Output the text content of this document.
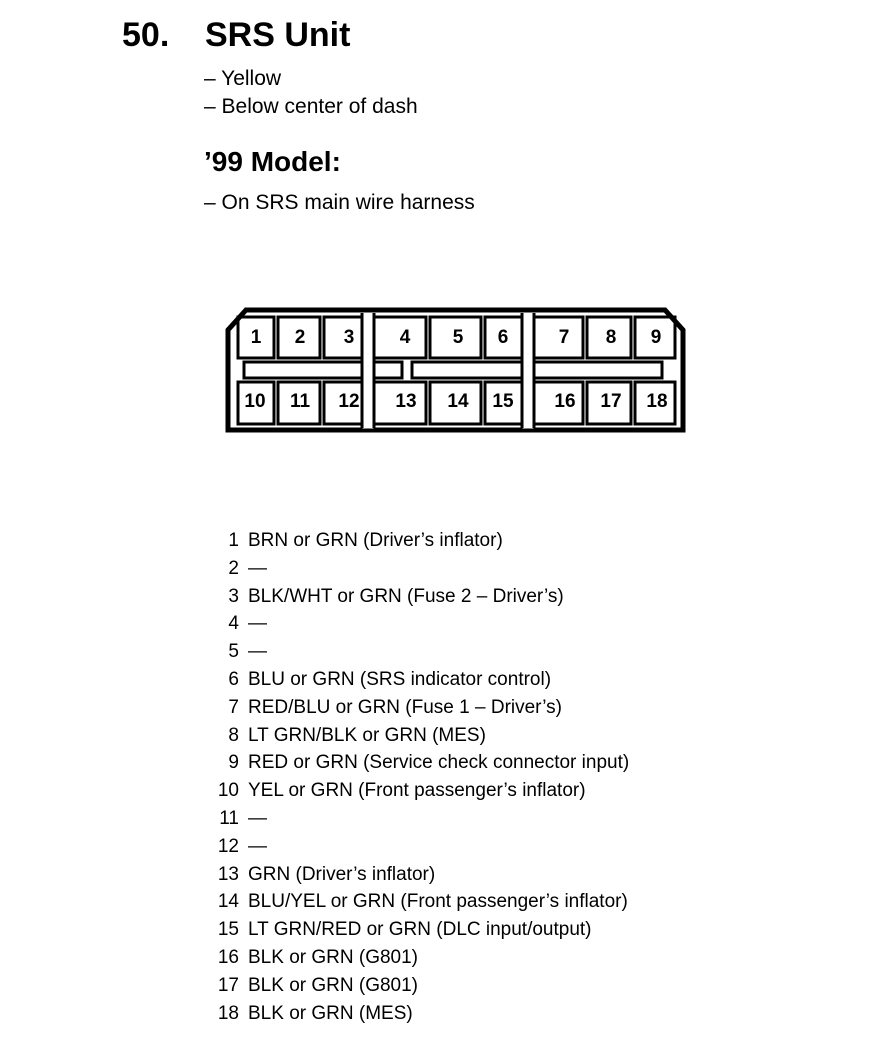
50. SRS Unit
– Yellow
– Below center of dash
’99 Model:
– On SRS main wire harness
1 2 3 4 5 6	7 8 9
10 11 12 13 14 15 16 17 18
1 BRN or GRN (Driver’s inflator)
2 —
3 BLK/WHT or GRN (Fuse 2 – Driver’s)
4 —
5 —
6 BLU or GRN (SRS indicator control)
7 RED/BLU or GRN (Fuse 1 – Driver’s)
8 LT GRN/BLK or GRN (MES)
9 RED or GRN (Service check connector input)
10 YEL or GRN (Front passenger’s inflator)
11 —
12 —
13 GRN (Driver’s inflator)
14 BLU/YEL or GRN (Front passenger’s inflator)
15 LT GRN/RED or GRN (DLC input/output)
16 BLK or GRN (G801)
17 BLK or GRN (G801)
18 BLK or GRN (MES)
